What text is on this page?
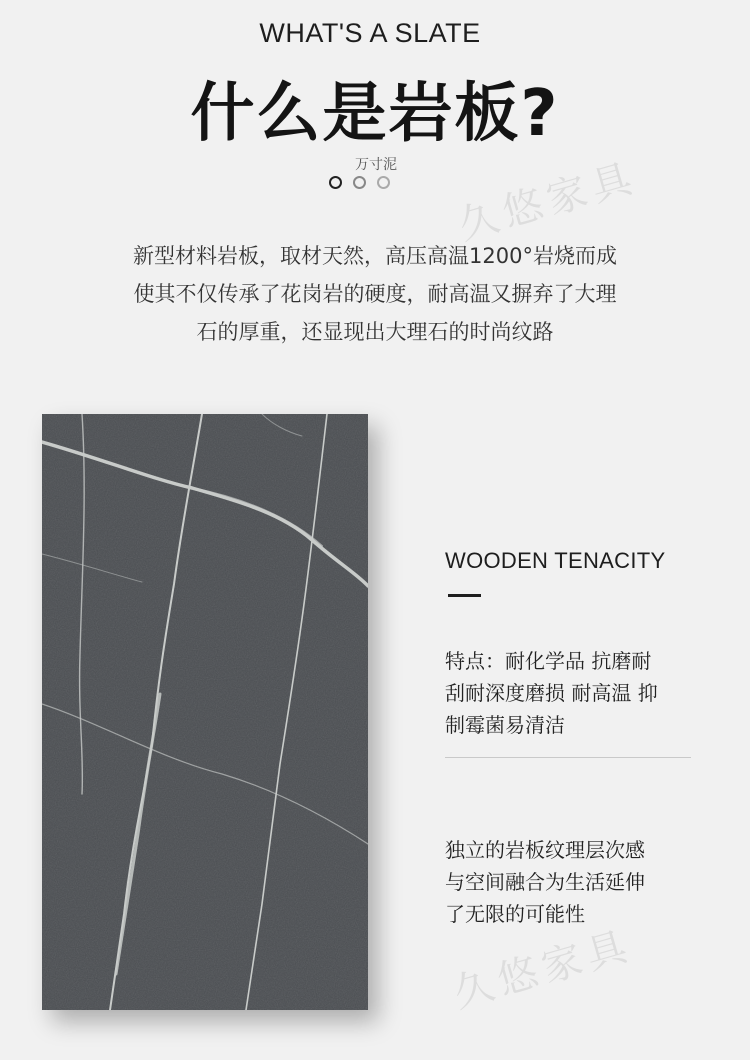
久悠家具
久悠家具
WHAT'S A SLATE
什么是岩板?
万寸泥
新型材料岩板，取材天然，高压高温1200°岩烧而成
使其不仅传承了花岗岩的硬度，耐高温又摒弃了大理
石的厚重，还显现出大理石的时尚纹路
WOODEN TENACITY
特点：耐化学品 抗磨耐
刮耐深度磨损 耐高温 抑
制霉菌易清洁
独立的岩板纹理层次感
与空间融合为生活延伸
了无限的可能性
